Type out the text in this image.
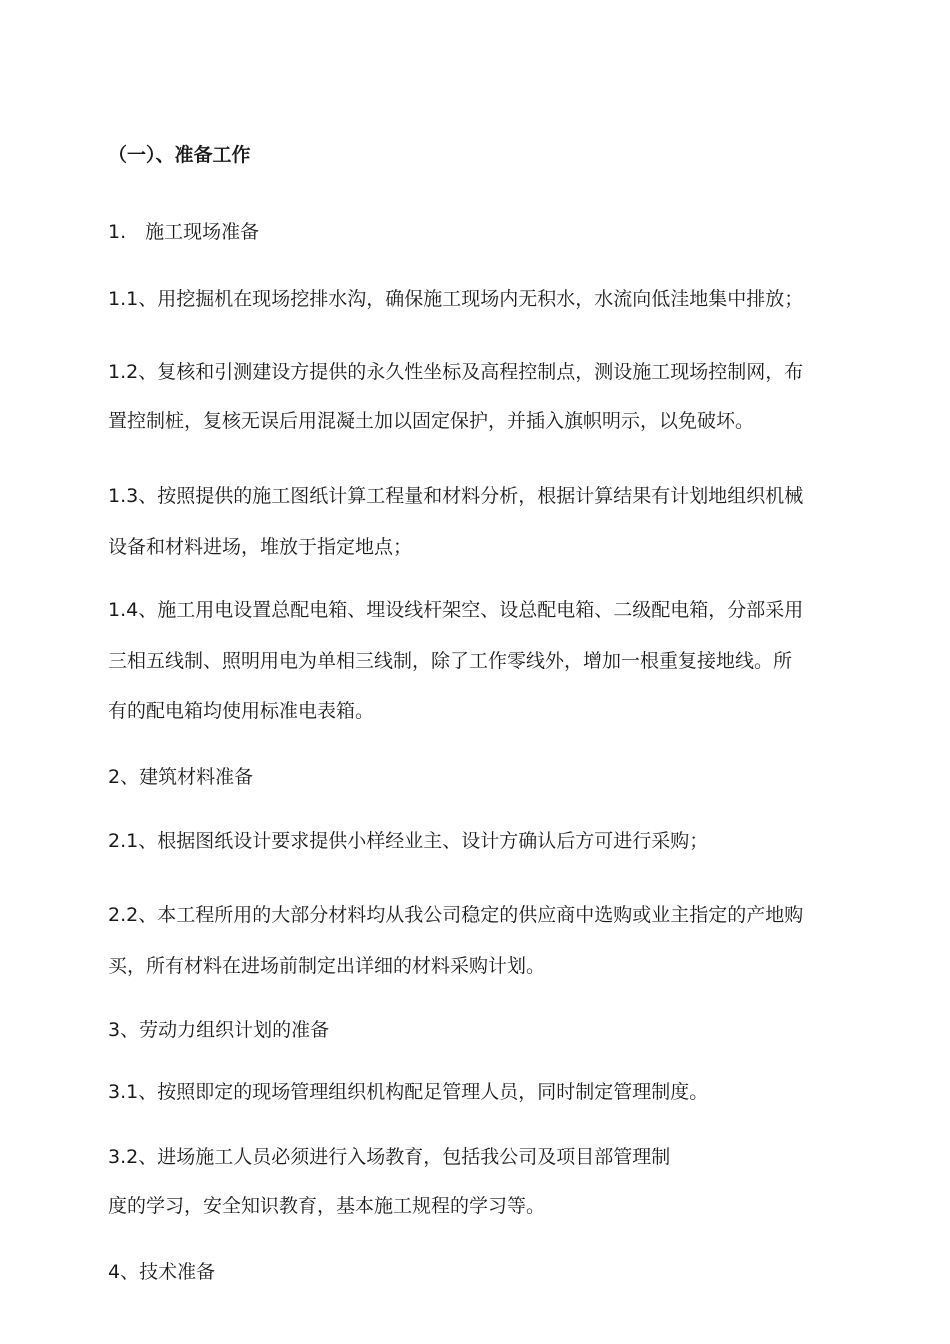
（一）、准备工作
1.　施工现场准备
1.1、用挖掘机在现场挖排水沟，确保施工现场内无积水，水流向低洼地集中排放；
1.2、复核和引测建设方提供的永久性坐标及高程控制点，测设施工现场控制网，布
置控制桩，复核无误后用混凝土加以固定保护，并插入旗帜明示，以免破坏。
1.3、按照提供的施工图纸计算工程量和材料分析，根据计算结果有计划地组织机械
设备和材料进场，堆放于指定地点；
1.4、施工用电设置总配电箱、埋设线杆架空、设总配电箱、二级配电箱，分部采用
三相五线制、照明用电为单相三线制，除了工作零线外，增加一根重复接地线。所
有的配电箱均使用标准电表箱。
2、建筑材料准备
2.1、根据图纸设计要求提供小样经业主、设计方确认后方可进行采购；
2.2、本工程所用的大部分材料均从我公司稳定的供应商中选购或业主指定的产地购
买，所有材料在进场前制定出详细的材料采购计划。
3、劳动力组织计划的准备
3.1、按照即定的现场管理组织机构配足管理人员，同时制定管理制度。
3.2、进场施工人员必须进行入场教育，包括我公司及项目部管理制
度的学习，安全知识教育，基本施工规程的学习等。
4、技术准备
